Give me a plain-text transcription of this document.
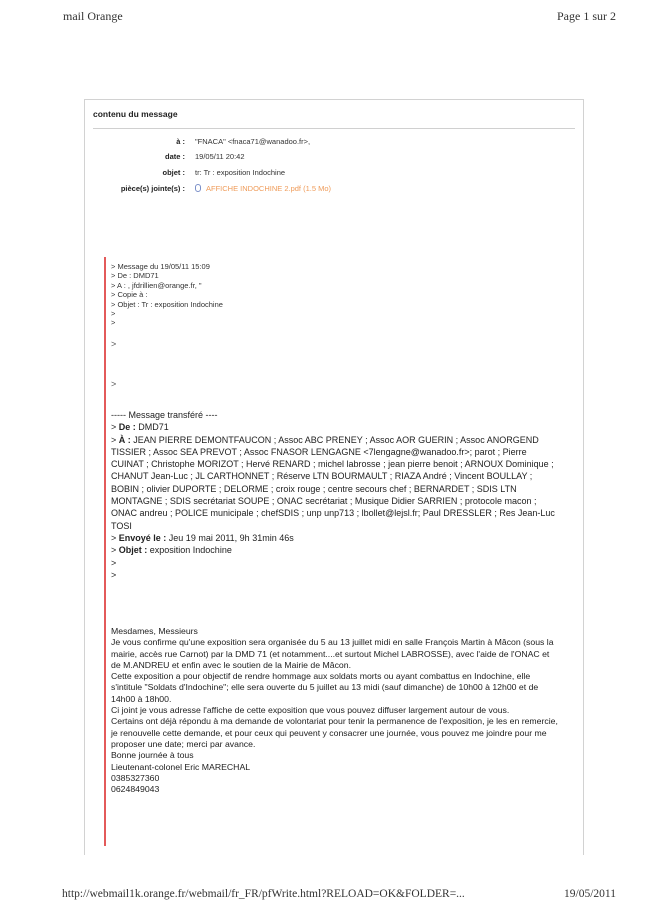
mail Orange	Page 1 sur 2
contenu du message
à : "FNACA" <fnaca71@wanadoo.fr>,
date : 19/05/11 20:42
objet : tr: Tr : exposition Indochine
pièce(s) jointe(s) :	AFFICHE INDOCHINE 2.pdf (1.5 Mo)
> Message du 19/05/11 15:09
> De : DMD71
> A : , jfdrillien@orange.fr, "
> Copie à :
> Objet : Tr : exposition Indochine
>
>
>
>
----- Message transféré ----
> De : DMD71
> À : JEAN PIERRE DEMONTFAUCON ; Assoc ABC PRENEY ; Assoc AOR GUERIN ; Assoc ANORGEND TISSIER ; Assoc SEA PREVOT ; Assoc FNASOR LENGAGNE <7lengagne@wanadoo.fr>; parot ; Pierre CUINAT ; Christophe MORIZOT ; Hervé RENARD ; michel labrosse ; jean pierre benoit ; ARNOUX Dominique ; CHANUT Jean-Luc ; JL CARTHONNET ; Réserve LTN BOURMAULT ; RIAZA André ; Vincent BOULLAY ; BOBIN ; olivier DUPORTE ; DELORME ; croix rouge ; centre secours chef ; BERNARDET ; SDIS LTN MONTAGNE ; SDIS secrétariat SOUPE ; ONAC secrétariat ; Musique Didier SARRIEN ; protocole macon ; ONAC andreu ; POLICE municipale ; chefSDIS ; unp unp713 ; lbollet@lejsl.fr; Paul DRESSLER ; Res Jean-Luc TOSI
> Envoyé le : Jeu 19 mai 2011, 9h 31min 46s
> Objet : exposition Indochine
>
>
Mesdames, Messieurs
Je vous confirme qu'une exposition sera organisée du 5 au 13 juillet midi en salle François Martin à Mâcon (sous la mairie, accès rue Carnot) par la DMD 71 (et notamment....et surtout Michel LABROSSE), avec l'aide de l'ONAC et de M.ANDREU et enfin avec le soutien de la Mairie de Mâcon.
Cette exposition a pour objectif de rendre hommage aux soldats morts ou ayant combattus en Indochine, elle s'intitule "Soldats d'Indochine"; elle sera ouverte du 5 juillet au 13 midi (sauf dimanche) de 10h00 à 12h00 et de 14h00 à 18h00.
Ci joint je vous adresse l'affiche de cette exposition que vous pouvez diffuser largement autour de vous.
Certains ont déjà répondu à ma demande de volontariat pour tenir la permanence de l'exposition, je les en remercie, je renouvelle cette demande, et pour ceux qui peuvent y consacrer une journée, vous pouvez me joindre pour me proposer une date; merci par avance.
Bonne journée à tous
Lieutenant-colonel Eric MARECHAL
0385327360
0624849043
http://webmail1k.orange.fr/webmail/fr_FR/pfWrite.html?RELOAD=OK&FOLDER=...	19/05/2011
